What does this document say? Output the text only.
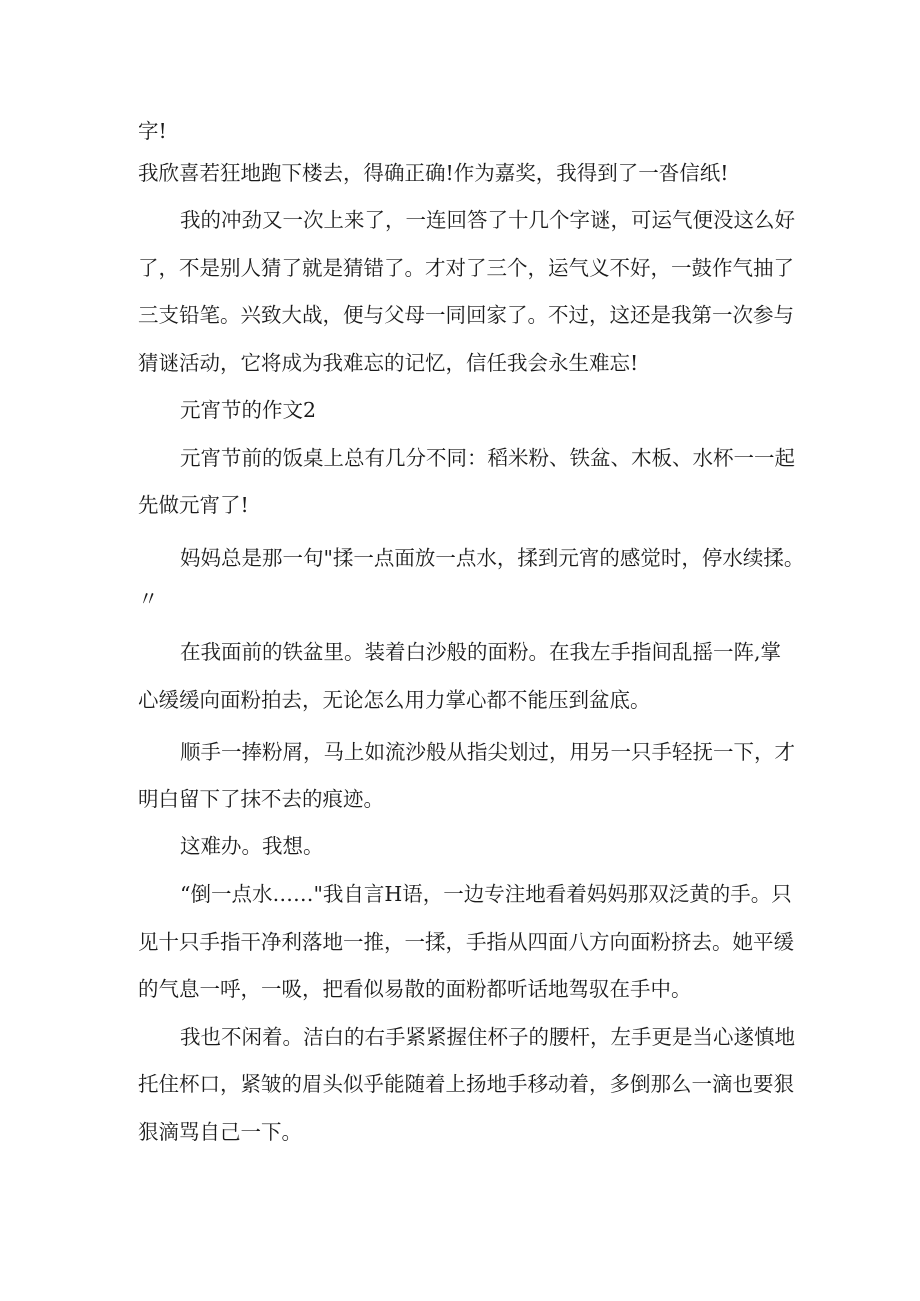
字!
我欣喜若狂地跑下楼去，得确正确!作为嘉奖，我得到了一沓信纸!
我的冲劲又一次上来了，一连回答了十几个字谜，可运气便没这么好
了，不是别人猜了就是猜错了。才对了三个，运气义不好，一鼓作气抽了
三支铅笔。兴致大战，便与父母一同回家了。不过，这还是我第一次参与
猜谜活动，它将成为我难忘的记忆，信任我会永生难忘!
元宵节的作文2
元宵节前的饭桌上总有几分不同：稻米粉、铁盆、木板、水杯一一起
先做元宵了!
妈妈总是那一句"揉一点面放一点水，揉到元宵的感觉时，停水续揉。
〃
在我面前的铁盆里。装着白沙般的面粉。在我左手指间乱摇一阵,掌
心缓缓向面粉拍去，无论怎么用力掌心都不能压到盆底。
顺手一捧粉屑，马上如流沙般从指尖划过，用另一只手轻抚一下，才
明白留下了抹不去的痕迹。
这难办。我想。
“倒一点水……"我自言H语，一边专注地看着妈妈那双泛黄的手。只
见十只手指干净利落地一推，一揉，手指从四面八方向面粉挤去。她平缓
的气息一呼，一吸，把看似易散的面粉都听话地驾驭在手中。
我也不闲着。洁白的右手紧紧握住杯子的腰杆，左手更是当心遂慎地
托住杯口，紧皱的眉头似乎能随着上扬地手移动着，多倒那么一滴也要狠
狠滴骂自己一下。
